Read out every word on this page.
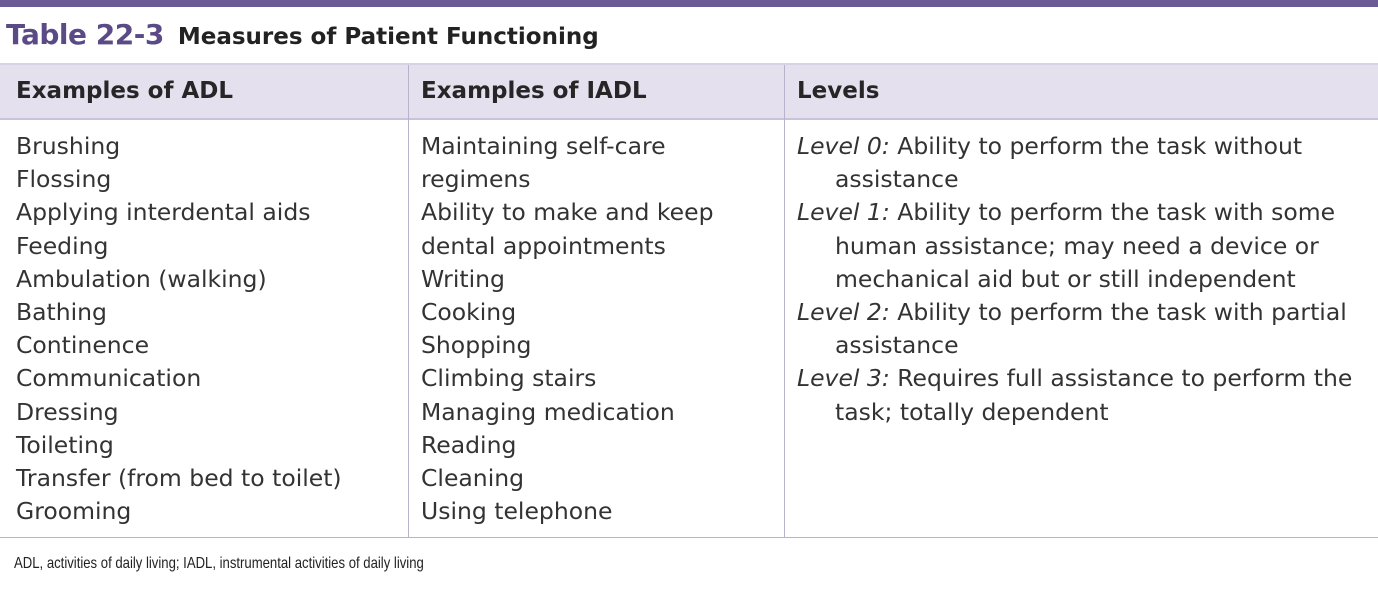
Table 22-3 Measures of Patient Functioning
Examples of ADL	Examples of IADL	Levels
Brushing
Flossing
Applying interdental aids
Feeding
Ambulation (walking)
Bathing
Continence
Communication
Dressing
Toileting
Transfer (from bed to toilet)
Grooming
Maintaining self-care
regimens
Ability to make and keep
dental appointments
Writing
Cooking
Shopping
Climbing stairs
Managing medication
Reading
Cleaning
Using telephone
Level 0: Ability to perform the task without
assistance
Level 1: Ability to perform the task with some
human assistance; may need a device or
mechanical aid but or still independent
Level 2: Ability to perform the task with partial
assistance
Level 3: Requires full assistance to perform the
task; totally dependent
ADL, activities of daily living; IADL, instrumental activities of daily living
